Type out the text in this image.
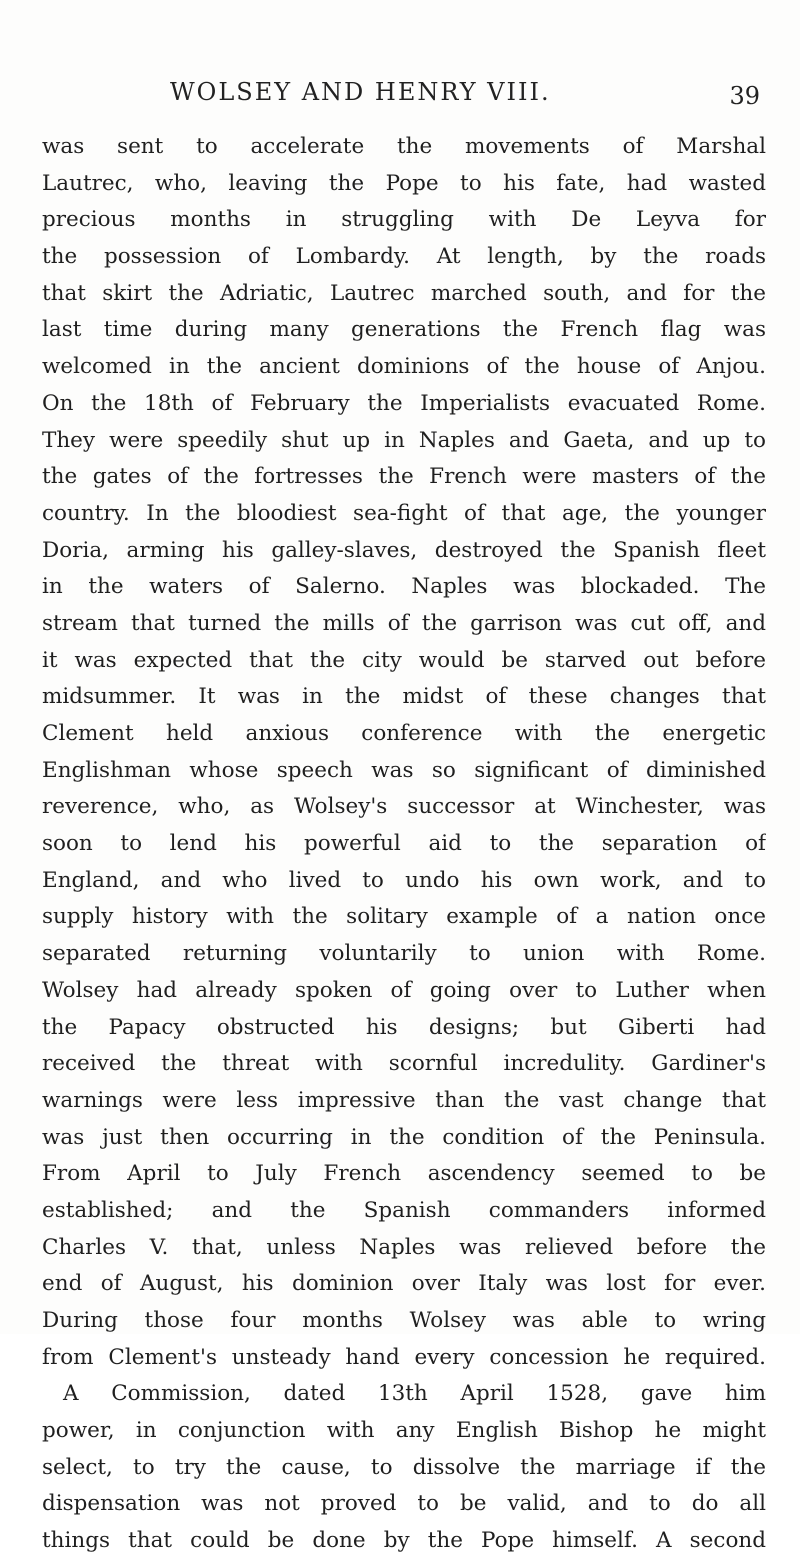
WOLSEY AND HENRY VIII.	39
was sent to accelerate the movements of Marshal
Lautrec, who, leaving the Pope to his fate, had wasted
precious months in struggling with De Leyva for
the possession of Lombardy. At length, by the roads
that skirt the Adriatic, Lautrec marched south, and for the
last time during many generations the French flag was
welcomed in the ancient dominions of the house of Anjou.
On the 18th of February the Imperialists evacuated Rome.
They were speedily shut up in Naples and Gaeta, and up to
the gates of the fortresses the French were masters of the
country. In the bloodiest sea-fight of that age, the younger
Doria, arming his galley-slaves, destroyed the Spanish fleet
in the waters of Salerno. Naples was blockaded. The
stream that turned the mills of the garrison was cut off, and
it was expected that the city would be starved out before
midsummer. It was in the midst of these changes that
Clement held anxious conference with the energetic
Englishman whose speech was so significant of diminished
reverence, who, as Wolsey's successor at Winchester, was
soon to lend his powerful aid to the separation of
England, and who lived to undo his own work, and to
supply history with the solitary example of a nation once
separated returning voluntarily to union with Rome.
Wolsey had already spoken of going over to Luther when
the Papacy obstructed his designs; but Giberti had
received the threat with scornful incredulity. Gardiner's
warnings were less impressive than the vast change that
was just then occurring in the condition of the Peninsula.
From April to July French ascendency seemed to be
established; and the Spanish commanders informed
Charles V. that, unless Naples was relieved before the
end of August, his dominion over Italy was lost for ever.
During those four months Wolsey was able to wring
from Clement's unsteady hand every concession he required.
A Commission, dated 13th April 1528, gave him
power, in conjunction with any English Bishop he might
select, to try the cause, to dissolve the marriage if the
dispensation was not proved to be valid, and to do all
things that could be done by the Pope himself. A second
